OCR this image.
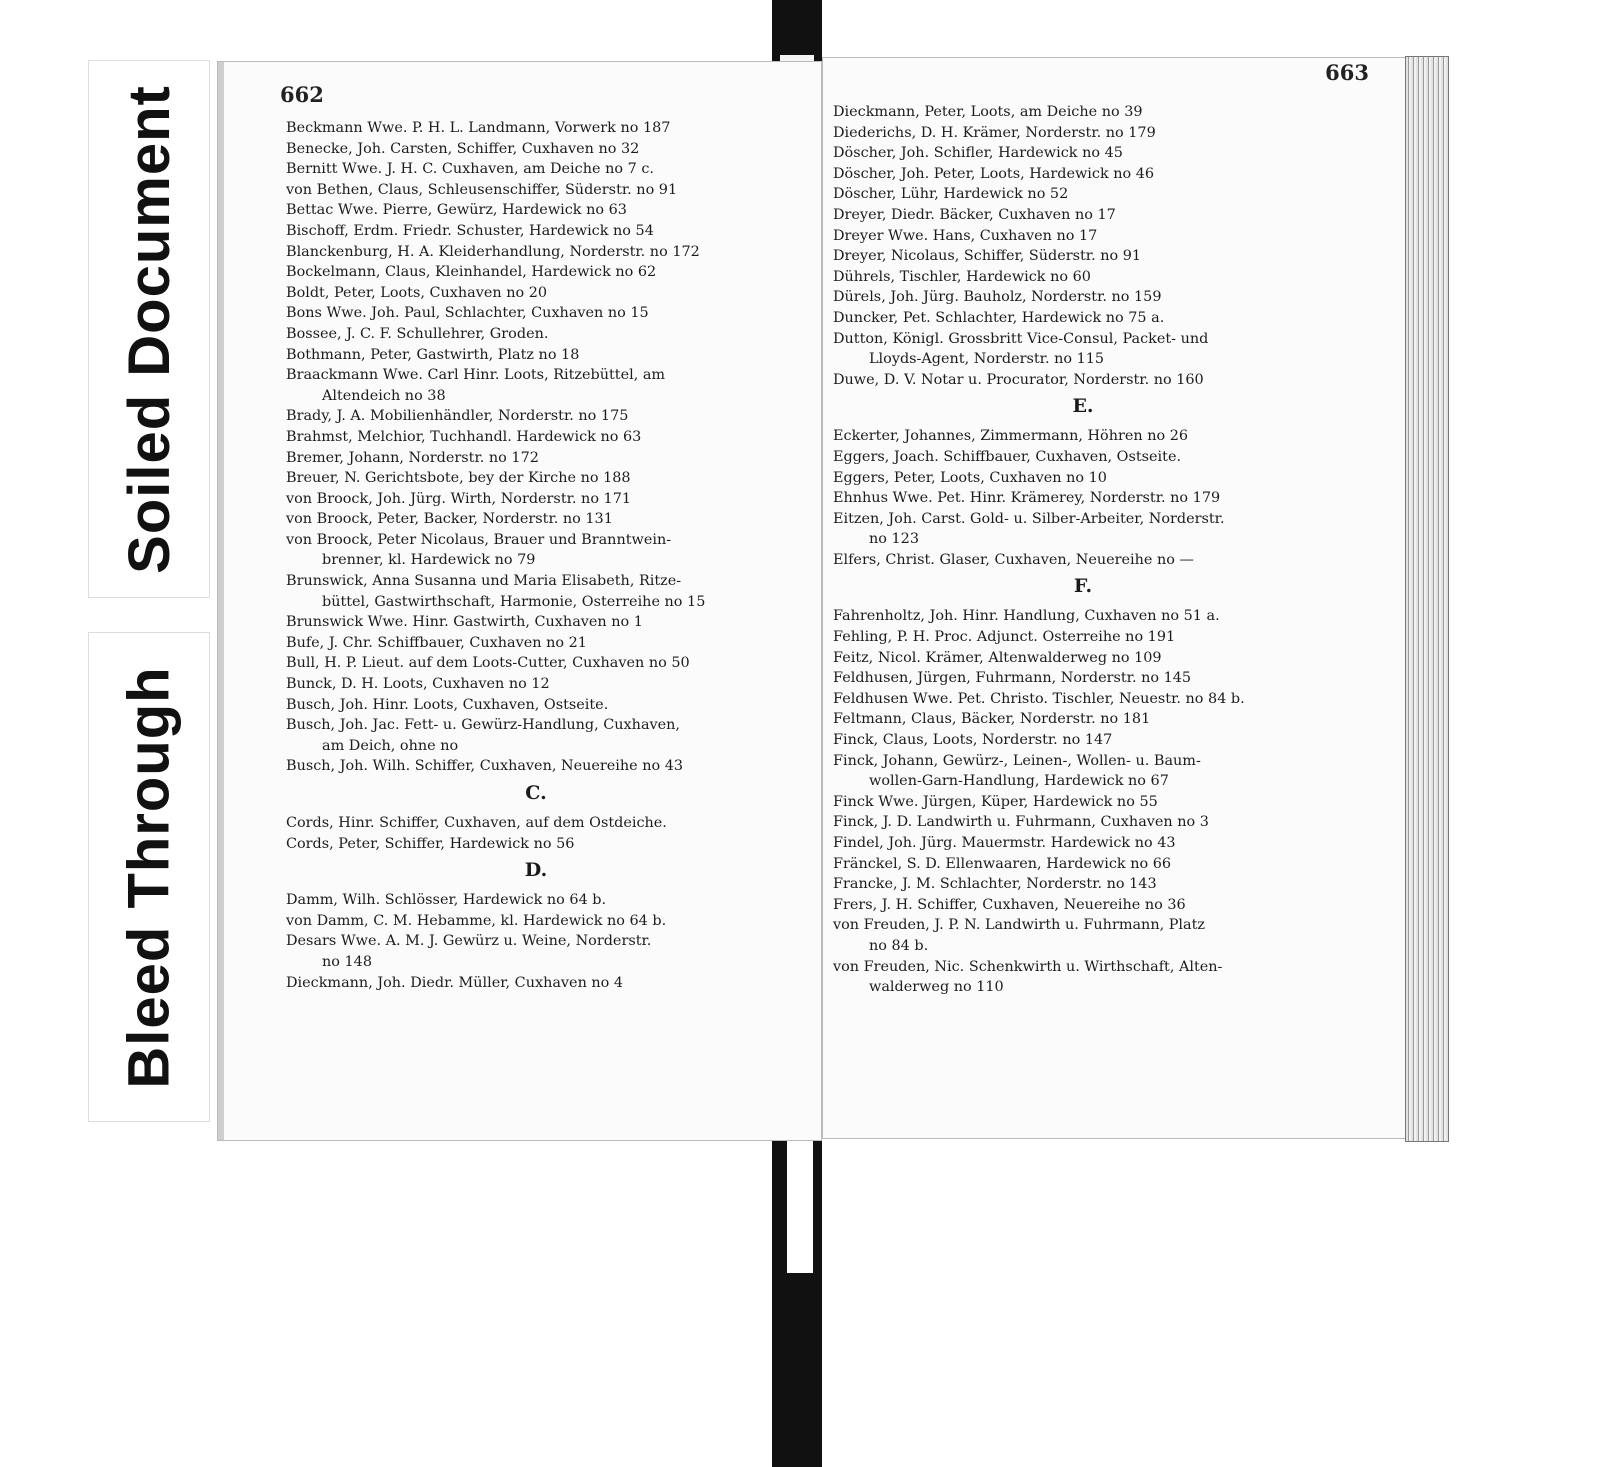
Soiled Document
Bleed Through
662
Beckmann Wwe. P. H. L. Landmann, Vorwerk no 187
Benecke, Joh. Carsten, Schiffer, Cuxhaven no 32
Bernitt Wwe. J. H. C. Cuxhaven, am Deiche no 7 c.
von Bethen, Claus, Schleusenschiffer, Süderstr. no 91
Bettac Wwe. Pierre, Gewürz, Hardewick no 63
Bischoff, Erdm. Friedr. Schuster, Hardewick no 54
Blanckenburg, H. A. Kleiderhandlung, Norderstr. no 172
Bockelmann, Claus, Kleinhandel, Hardewick no 62
Boldt, Peter, Loots, Cuxhaven no 20
Bons Wwe. Joh. Paul, Schlachter, Cuxhaven no 15
Bossee, J. C. F. Schullehrer, Groden.
Bothmann, Peter, Gastwirth, Platz no 18
Braackmann Wwe. Carl Hinr. Loots, Ritzebüttel, am
Altendeich no 38
Brady, J. A. Mobilienhändler, Norderstr. no 175
Brahmst, Melchior, Tuchhandl. Hardewick no 63
Bremer, Johann, Norderstr. no 172
Breuer, N. Gerichtsbote, bey der Kirche no 188
von Broock, Joh. Jürg. Wirth, Norderstr. no 171
von Broock, Peter, Backer, Norderstr. no 131
von Broock, Peter Nicolaus, Brauer und Branntwein-
brenner, kl. Hardewick no 79
Brunswick, Anna Susanna und Maria Elisabeth, Ritze-
büttel, Gastwirthschaft, Harmonie, Osterreihe no 15
Brunswick Wwe. Hinr. Gastwirth, Cuxhaven no 1
Bufe, J. Chr. Schiffbauer, Cuxhaven no 21
Bull, H. P. Lieut. auf dem Loots-Cutter, Cuxhaven no 50
Bunck, D. H. Loots, Cuxhaven no 12
Busch, Joh. Hinr. Loots, Cuxhaven, Ostseite.
Busch, Joh. Jac. Fett- u. Gewürz-Handlung, Cuxhaven,
am Deich, ohne no
Busch, Joh. Wilh. Schiffer, Cuxhaven, Neuereihe no 43
C.
Cords, Hinr. Schiffer, Cuxhaven, auf dem Ostdeiche.
Cords, Peter, Schiffer, Hardewick no 56
D.
Damm, Wilh. Schlösser, Hardewick no 64 b.
von Damm, C. M. Hebamme, kl. Hardewick no 64 b.
Desars Wwe. A. M. J. Gewürz u. Weine, Norderstr.
no 148
Dieckmann, Joh. Diedr. Müller, Cuxhaven no 4
663
Dieckmann, Peter, Loots, am Deiche no 39
Diederichs, D. H. Krämer, Norderstr. no 179
Döscher, Joh. Schifler, Hardewick no 45
Döscher, Joh. Peter, Loots, Hardewick no 46
Döscher, Lühr, Hardewick no 52
Dreyer, Diedr. Bäcker, Cuxhaven no 17
Dreyer Wwe. Hans, Cuxhaven no 17
Dreyer, Nicolaus, Schiffer, Süderstr. no 91
Dührels, Tischler, Hardewick no 60
Dürels, Joh. Jürg. Bauholz, Norderstr. no 159
Duncker, Pet. Schlachter, Hardewick no 75 a.
Dutton, Königl. Grossbritt Vice-Consul, Packet- und
Lloyds-Agent, Norderstr. no 115
Duwe, D. V. Notar u. Procurator, Norderstr. no 160
E.
Eckerter, Johannes, Zimmermann, Höhren no 26
Eggers, Joach. Schiffbauer, Cuxhaven, Ostseite.
Eggers, Peter, Loots, Cuxhaven no 10
Ehnhus Wwe. Pet. Hinr. Krämerey, Norderstr. no 179
Eitzen, Joh. Carst. Gold- u. Silber-Arbeiter, Norderstr.
no 123
Elfers, Christ. Glaser, Cuxhaven, Neuereihe no —
F.
Fahrenholtz, Joh. Hinr. Handlung, Cuxhaven no 51 a.
Fehling, P. H. Proc. Adjunct. Osterreihe no 191
Feitz, Nicol. Krämer, Altenwalderweg no 109
Feldhusen, Jürgen, Fuhrmann, Norderstr. no 145
Feldhusen Wwe. Pet. Christo. Tischler, Neuestr. no 84 b.
Feltmann, Claus, Bäcker, Norderstr. no 181
Finck, Claus, Loots, Norderstr. no 147
Finck, Johann, Gewürz-, Leinen-, Wollen- u. Baum-
wollen-Garn-Handlung, Hardewick no 67
Finck Wwe. Jürgen, Küper, Hardewick no 55
Finck, J. D. Landwirth u. Fuhrmann, Cuxhaven no 3
Findel, Joh. Jürg. Mauermstr. Hardewick no 43
Fränckel, S. D. Ellenwaaren, Hardewick no 66
Francke, J. M. Schlachter, Norderstr. no 143
Frers, J. H. Schiffer, Cuxhaven, Neuereihe no 36
von Freuden, J. P. N. Landwirth u. Fuhrmann, Platz
no 84 b.
von Freuden, Nic. Schenkwirth u. Wirthschaft, Alten-
walderweg no 110
